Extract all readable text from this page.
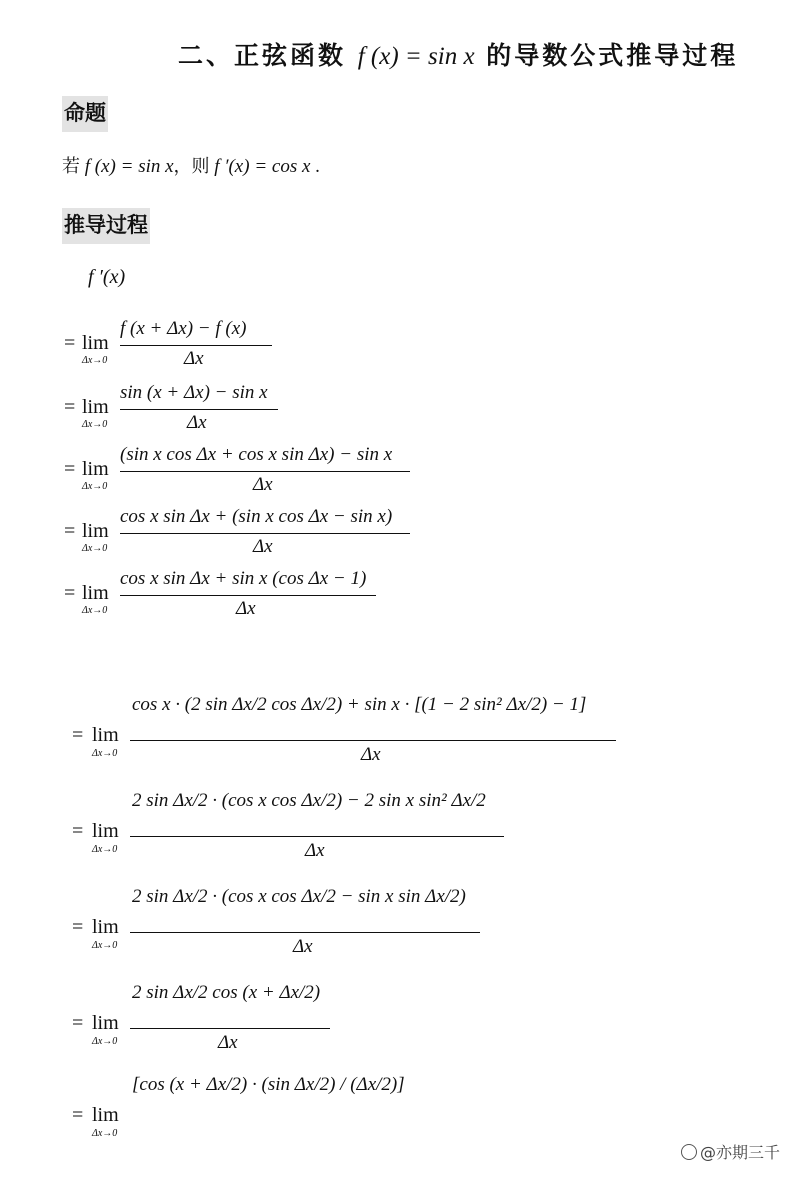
二、正弦函数 f (x) = sin x 的导数公式推导过程
命题
若 f (x) = sin x，则 f ′(x) = cos x .
推导过程
f ′(x)
= lim
Δx→0
f (x + Δx) − f (x)
Δx
= lim
Δx→0
sin (x + Δx) − sin x
Δx
= lim
Δx→0
(sin x cos Δx + cos x sin Δx) − sin x
Δx
= lim
Δx→0
cos x sin Δx + (sin x cos Δx − sin x)
Δx
= lim
Δx→0
cos x sin Δx + sin x (cos Δx − 1)
Δx
= lim
Δx→0
cos x · (2 sin Δx/2 cos Δx/2) + sin x · [(1 − 2 sin² Δx/2) − 1]
Δx
= lim
Δx→0
2 sin Δx/2 · (cos x cos Δx/2) − 2 sin x sin² Δx/2
Δx
= lim
Δx→0
2 sin Δx/2 · (cos x cos Δx/2 − sin x sin Δx/2)
Δx
= lim
Δx→0
2 sin Δx/2 cos (x + Δx/2)
Δx
= lim
Δx→0
[cos (x + Δx/2) · (sin Δx/2) / (Δx/2)]
@亦期三千
